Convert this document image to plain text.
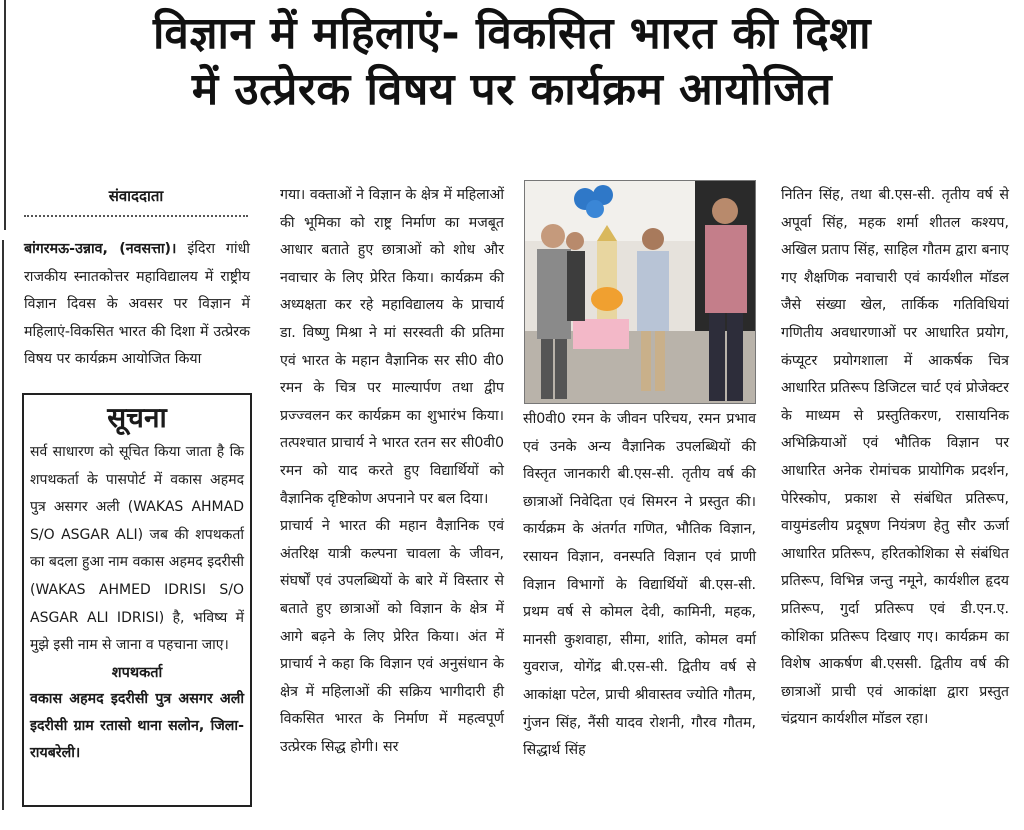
विज्ञान में महिलाएं- विकसित भारत की दिशा
में उत्प्रेरक विषय पर कार्यक्रम आयोजित
संवाददाता

बांगरमऊ-उन्नाव, (नवसत्ता)। इंदिरा गांधी राजकीय स्नातकोत्तर महाविद्यालय में राष्ट्रीय विज्ञान दिवस के अवसर पर विज्ञान में महिलाएं-विकसित भारत की दिशा में उत्प्रेरक विषय पर कार्यक्रम आयोजित किया

सूचना
सर्व साधारण को सूचित किया जाता है कि शपथकर्ता के पासपोर्ट में वकास अहमद पुत्र असगर अली (WAKAS AHMAD S/O ASGAR ALI) जब की शपथकर्ता का बदला हुआ नाम वकास अहमद इदरीसी (WAKAS AHMED IDRISI S/O ASGAR ALI IDRISI) है, भविष्य में मुझे इसी नाम से जाना व पहचाना जाए।
शपथकर्ता
वकास अहमद इदरीसी पुत्र असगर अली इदरीसी ग्राम रतासो थाना सलोन, जिला- रायबरेली।

गया। वक्ताओं ने विज्ञान के क्षेत्र में महिलाओं की भूमिका को राष्ट्र निर्माण का मजबूत आधार बताते हुए छात्राओं को शोध और नवाचार के लिए प्रेरित किया। कार्यक्रम की अध्यक्षता कर रहे महाविद्यालय के प्राचार्य डा. विष्णु मिश्रा ने मां सरस्वती की प्रतिमा एवं भारत के महान वैज्ञानिक सर सी0 वी0 रमन के चित्र पर माल्यार्पण तथा द्वीप प्रज्ज्वलन कर कार्यक्रम का शुभारंभ किया। तत्पश्चात प्राचार्य ने भारत रतन सर सी0वी0 रमन को याद करते हुए विद्यार्थियों को वैज्ञानिक दृष्टिकोण अपनाने पर बल दिया।

प्राचार्य ने भारत की महान वैज्ञानिक एवं अंतरिक्ष यात्री कल्पना चावला के जीवन, संघर्षों एवं उपलब्धियों के बारे में विस्तार से बताते हुए छात्राओं को विज्ञान के क्षेत्र में आगे बढ़ने के लिए प्रेरित किया। अंत में प्राचार्य ने कहा कि विज्ञान एवं अनुसंधान के क्षेत्र में महिलाओं की सक्रिय भागीदारी ही विकसित भारत के निर्माण में महत्वपूर्ण उत्प्रेरक सिद्ध होगी। सर

सी0वी0 रमन के जीवन परिचय, रमन प्रभाव एवं उनके अन्य वैज्ञानिक उपलब्धियों की विस्तृत जानकारी बी.एस-सी. तृतीय वर्ष की छात्राओं निवेदिता एवं सिमरन ने प्रस्तुत की। कार्यक्रम के अंतर्गत गणित, भौतिक विज्ञान, रसायन विज्ञान, वनस्पति विज्ञान एवं प्राणी विज्ञान विभागों के विद्यार्थियों बी.एस-सी. प्रथम वर्ष से कोमल देवी, कामिनी, महक, मानसी कुशवाहा, सीमा, शांति, कोमल वर्मा युवराज, योगेंद्र बी.एस-सी. द्वितीय वर्ष से आकांक्षा पटेल, प्राची श्रीवास्तव ज्योति गौतम, गुंजन सिंह, नैंसी यादव रोशनी, गौरव गौतम, सिद्धार्थ सिंह

नितिन सिंह, तथा बी.एस-सी. तृतीय वर्ष से अपूर्वा सिंह, महक शर्मा शीतल कश्यप, अखिल प्रताप सिंह, साहिल गौतम द्वारा बनाए गए शैक्षणिक नवाचारी एवं कार्यशील मॉडल जैसे संख्या खेल, तार्किक गतिविधियां गणितीय अवधारणाओं पर आधारित प्रयोग, कंप्यूटर प्रयोगशाला में आकर्षक चित्र आधारित प्रतिरूप डिजिटल चार्ट एवं प्रोजेक्टर के माध्यम से प्रस्तुतिकरण, रासायनिक अभिक्रियाओं एवं भौतिक विज्ञान पर आधारित अनेक रोमांचक प्रायोगिक प्रदर्शन, पेरिस्कोप, प्रकाश से संबंधित प्रतिरूप, वायुमंडलीय प्रदूषण नियंत्रण हेतु सौर ऊर्जा आधारित प्रतिरूप, हरितकोशिका से संबंधित प्रतिरूप, विभिन्न जन्तु नमूने, कार्यशील हृदय प्रतिरूप, गुर्दा प्रतिरूप एवं डी.एन.ए. कोशिका प्रतिरूप दिखाए गए। कार्यक्रम का विशेष आकर्षण बी.एससी. द्वितीय वर्ष की छात्राओं प्राची एवं आकांक्षा द्वारा प्रस्तुत चंद्रयान कार्यशील मॉडल रहा।
